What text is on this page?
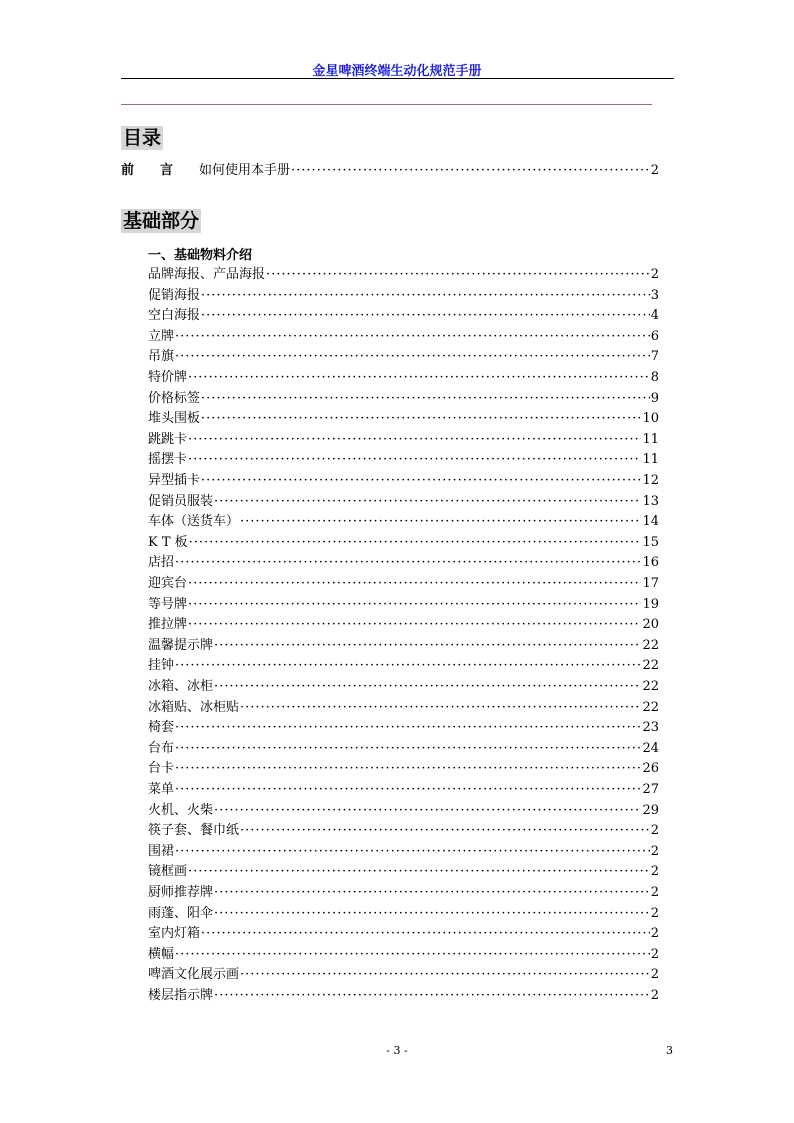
金星啤酒终端生动化规范手册
目录
前言 如何使用本手册 ·····	2
基础部分
一、基础物料介绍
品牌海报、产品海报 ·····	2
促销海报 ·····	3
空白海报 ·····	4
立牌 ·····	6
吊旗 ·····	7
特价牌 ·····	8
价格标签 ·····	9
堆头围板 ·····	10
跳跳卡 ·····	11
摇摆卡 ·····	11
异型插卡 ·····	12
促销员服装 ·····	13
车体（送货车） ·····	14
K T 板 ·····	15
店招 ·····	16
迎宾台 ·····	17
等号牌 ·····	19
推拉牌 ·····	20
温馨提示牌 ·····	22
挂钟 ·····	22
冰箱、冰柜 ·····	22
冰箱贴、冰柜贴 ·····	22
椅套 ·····	23
台布 ·····	24
台卡 ·····	26
菜单 ·····	27
火机、火柴 ·····	29
筷子套、餐巾纸 ·····	2
围裙 ·····	2
镜框画 ·····	2
厨师推荐牌 ·····	2
雨蓬、阳伞 ·····	2
室内灯箱 ·····	2
横幅 ·····	2
啤酒文化展示画 ·····	2
楼层指示牌 ·····	2
- 3 -	3
